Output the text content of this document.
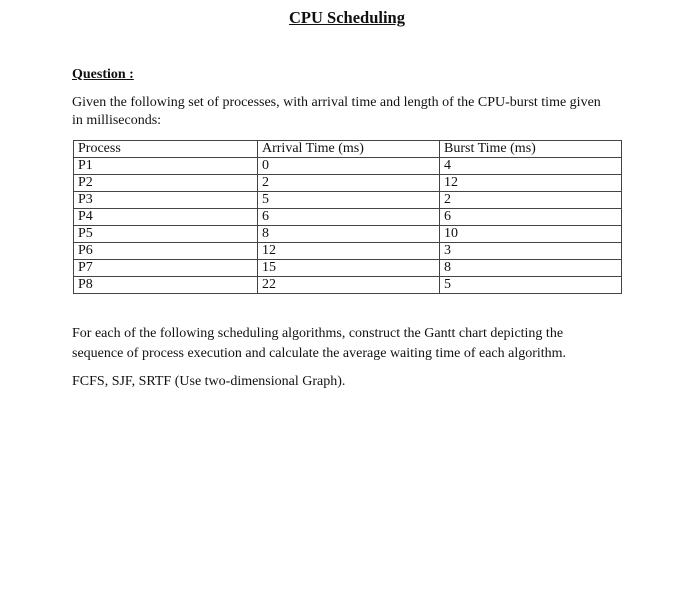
CPU Scheduling
Question :
Given the following set of processes, with arrival time and length of the CPU-burst time given in milliseconds:
Process	Arrival Time (ms)	Burst Time (ms)
P1	0	4
P2	2	12
P3	5	2
P4	6	6
P5	8	10
P6	12	3
P7	15	8
P8	22	5
For each of the following scheduling algorithms, construct the Gantt chart depicting the sequence of process execution and calculate the average waiting time of each algorithm.
FCFS, SJF, SRTF (Use two-dimensional Graph).
